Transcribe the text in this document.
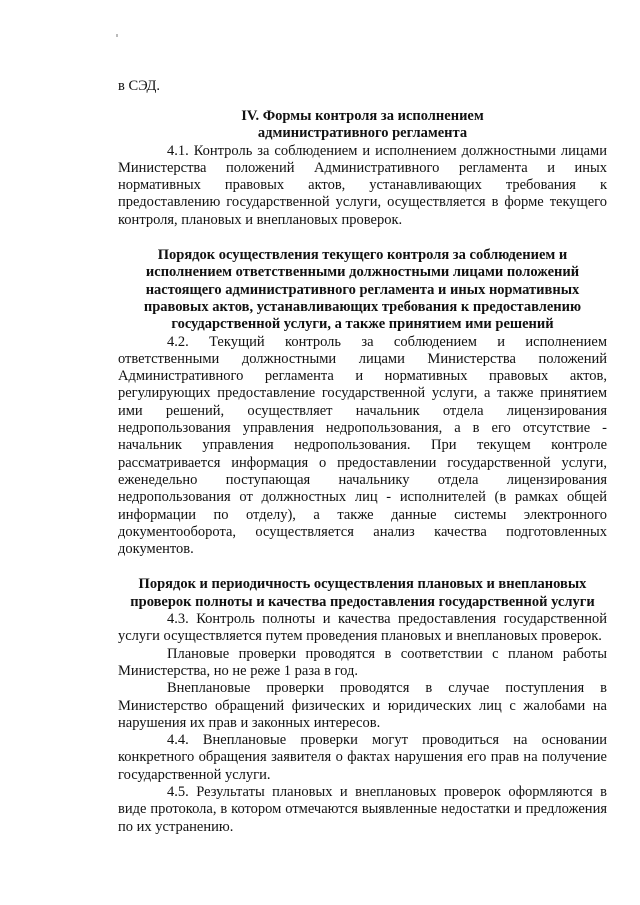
в СЭД.

IV. Формы контроля за исполнением
административного регламента

4.1. Контроль за соблюдением и исполнением должностными лицами Министерства положений Административного регламента и иных нормативных правовых актов, устанавливающих требования к предоставлению государственной услуги, осуществляется в форме текущего контроля, плановых и внеплановых проверок.

Порядок осуществления текущего контроля за соблюдением и исполнением ответственными должностными лицами положений настоящего административного регламента и иных нормативных правовых актов, устанавливающих требования к предоставлению государственной услуги, а также принятием ими решений

4.2. Текущий контроль за соблюдением и исполнением ответственными должностными лицами Министерства положений Административного регламента и нормативных правовых актов, регулирующих предоставление государственной услуги, а также принятием ими решений, осуществляет начальник отдела лицензирования недропользования управления недропользования, а в его отсутствие - начальник управления недропользования. При текущем контроле рассматривается информация о предоставлении государственной услуги, еженедельно поступающая начальнику отдела лицензирования недропользования от должностных лиц - исполнителей (в рамках общей информации по отделу), а также данные системы электронного документооборота, осуществляется анализ качества подготовленных документов.

Порядок и периодичность осуществления плановых и внеплановых проверок полноты и качества предоставления государственной услуги

4.3. Контроль полноты и качества предоставления государственной услуги осуществляется путем проведения плановых и внеплановых проверок.

Плановые проверки проводятся в соответствии с планом работы Министерства, но не реже 1 раза в год.

Внеплановые проверки проводятся в случае поступления в Министерство обращений физических и юридических лиц с жалобами на нарушения их прав и законных интересов.

4.4. Внеплановые проверки могут проводиться на основании конкретного обращения заявителя о фактах нарушения его прав на получение государственной услуги.

4.5. Результаты плановых и внеплановых проверок оформляются в виде протокола, в котором отмечаются выявленные недостатки и предложения по их устранению.
